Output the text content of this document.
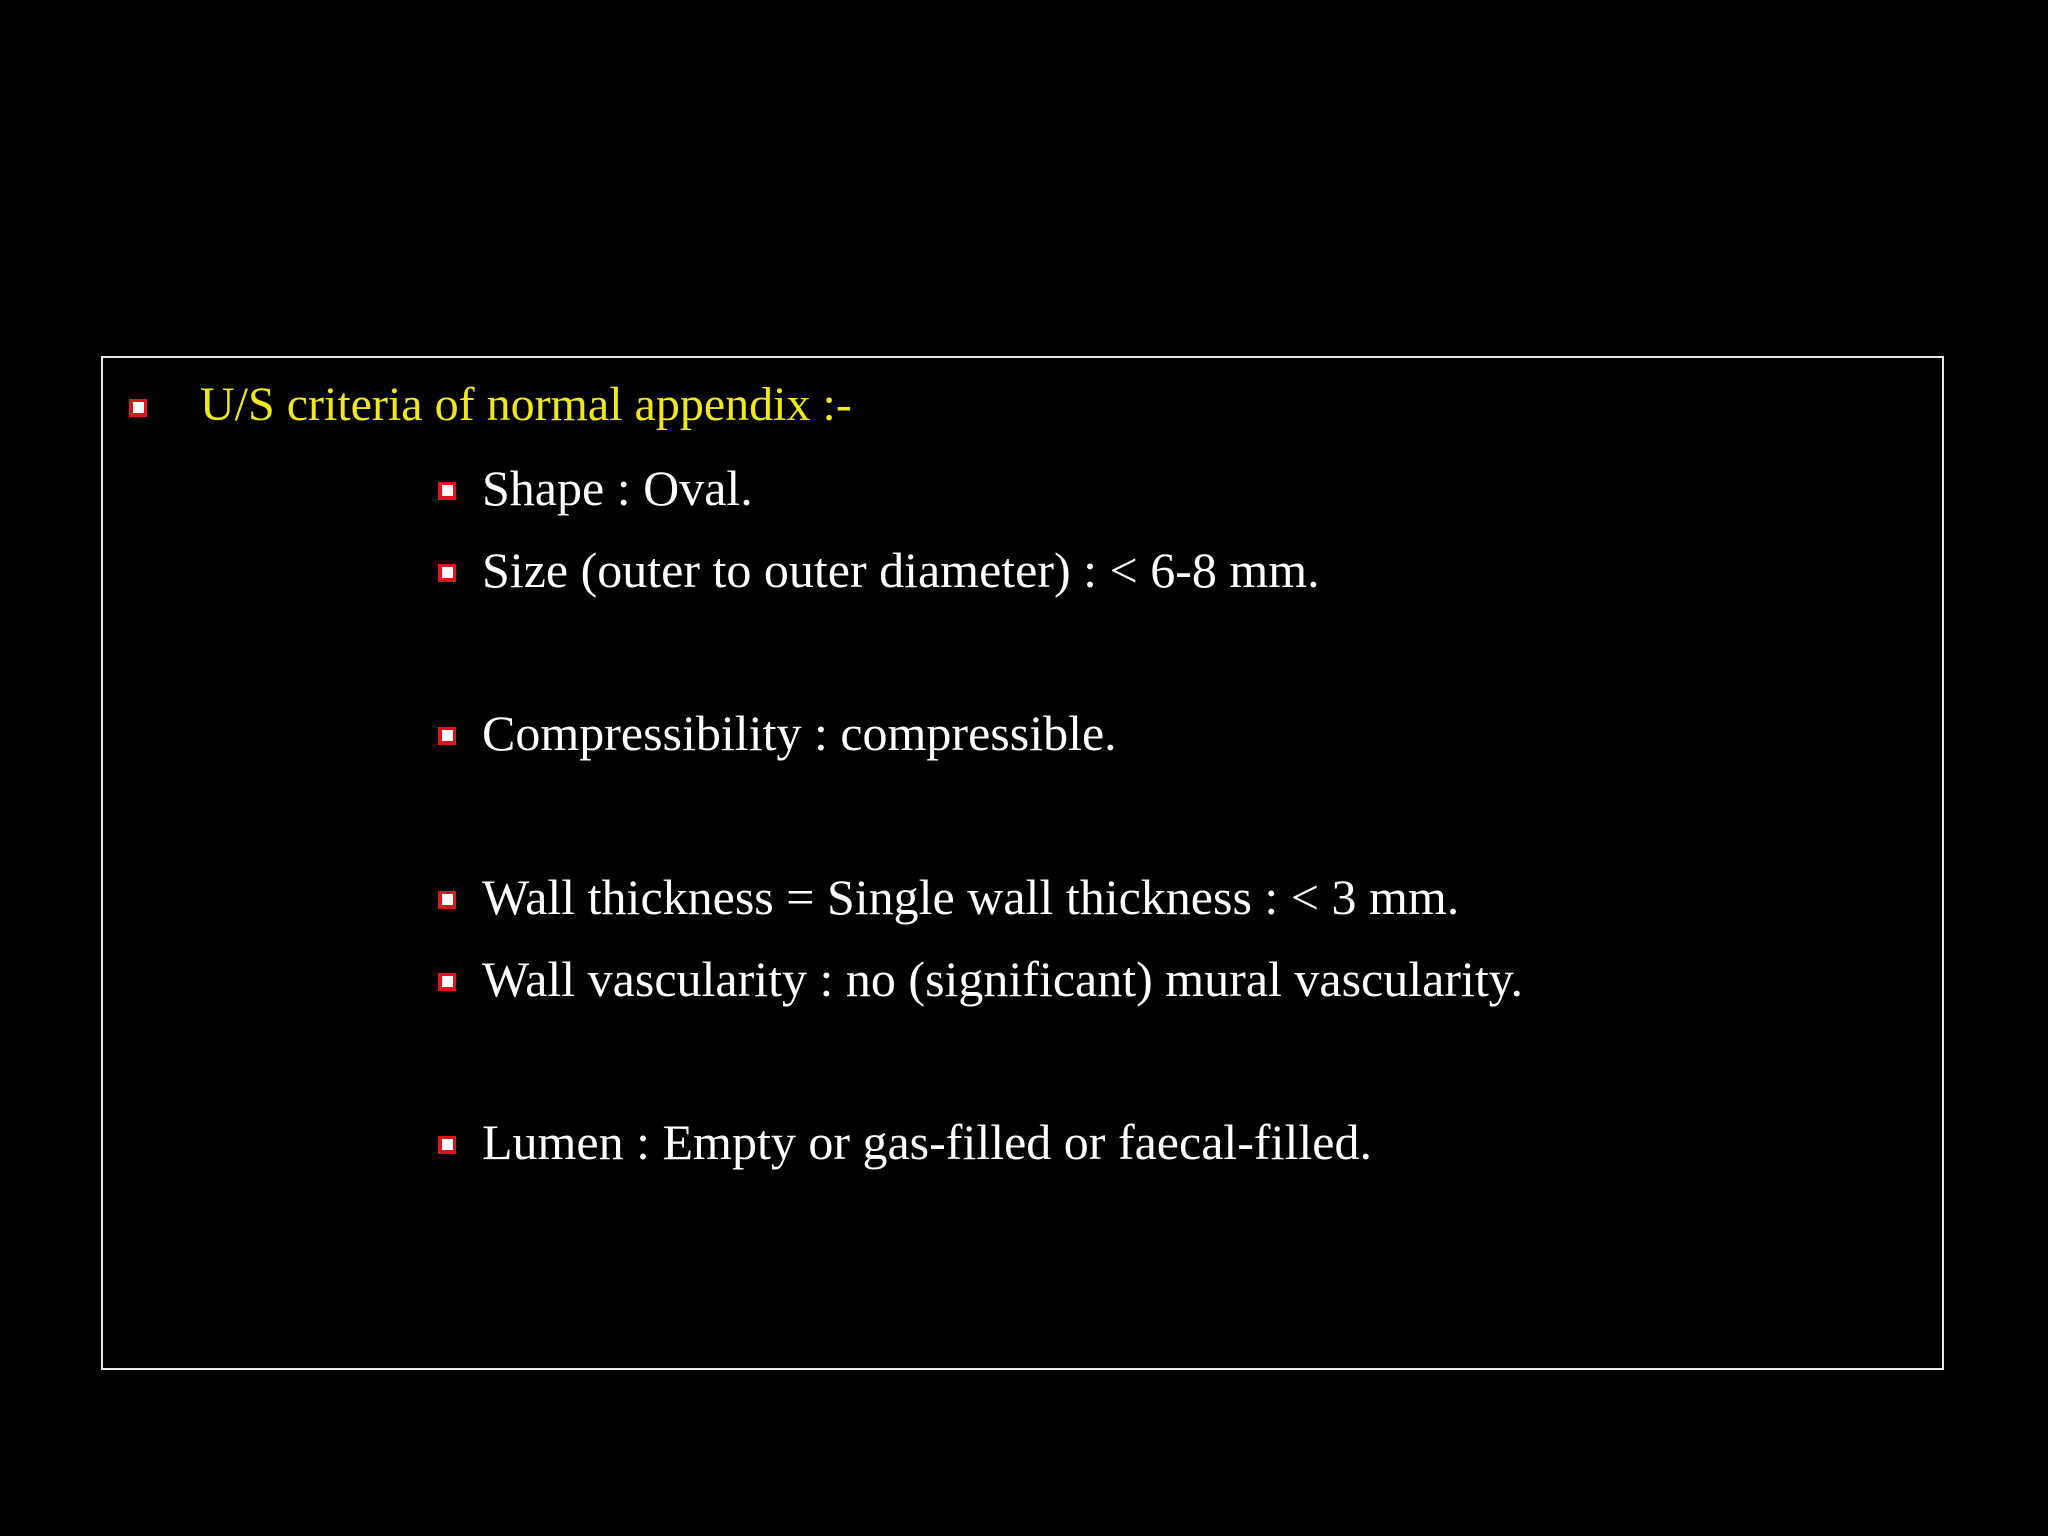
U/S criteria of normal appendix :-
Shape : Oval.
Size (outer to outer diameter) : < 6-8 mm.
Compressibility : compressible.
Wall thickness = Single wall thickness : < 3 mm.
Wall vascularity : no (significant) mural vascularity.
Lumen : Empty or gas-filled or faecal-filled.
